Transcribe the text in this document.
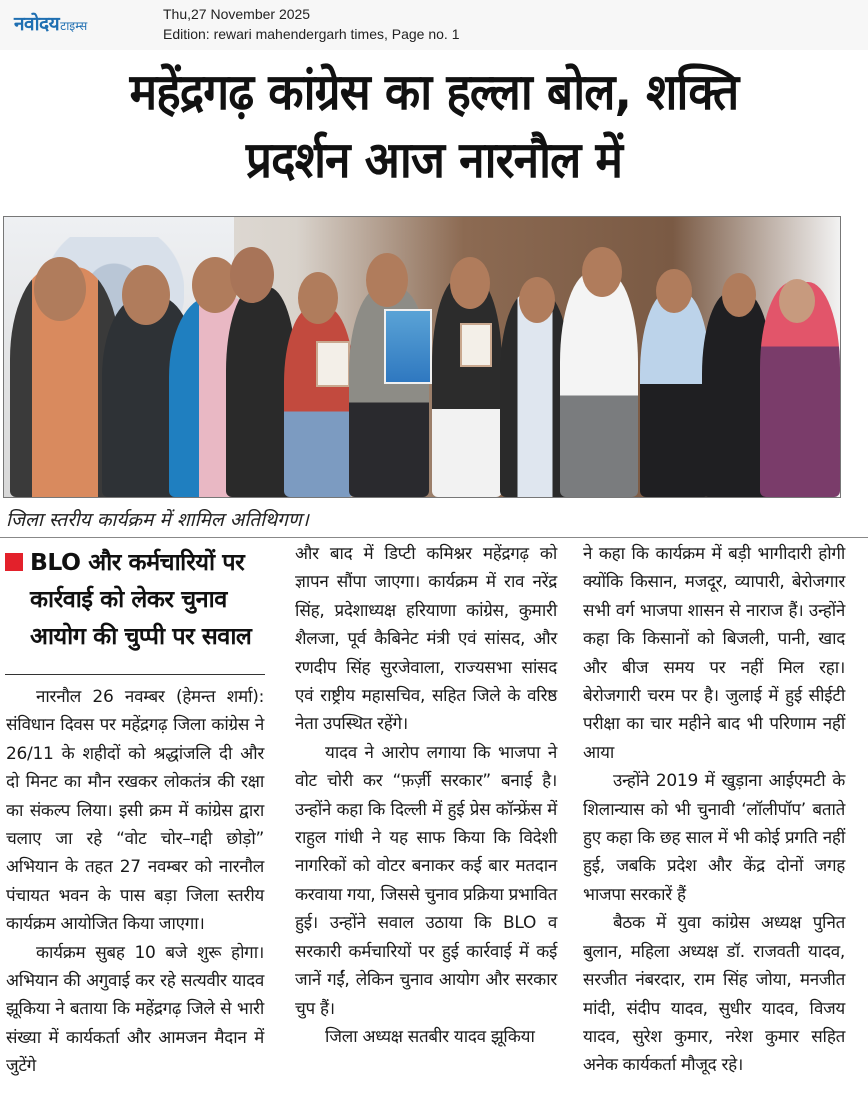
नवोदय टाइम्स
Thu,27 November 2025
Edition: rewari mahendergarh times, Page no. 1
महेंद्रगढ़ कांग्रेस का हल्ला बोल, शक्ति
प्रदर्शन आज नारनौल में
जिला स्तरीय कार्यक्रम में शामिल अतिथिगण।
BLO और कर्मचारियों पर कार्रवाई को लेकर चुनाव आयोग की चुप्पी पर सवाल

नारनौल 26 नवम्बर (हेमन्त शर्मा): संविधान दिवस पर महेंद्रगढ़ जिला कांग्रेस ने 26/11 के शहीदों को श्रद्धांजलि दी और दो मिनट का मौन रखकर लोकतंत्र की रक्षा का संकल्प लिया। इसी क्रम में कांग्रेस द्वारा चलाए जा रहे “वोट चोर–गद्दी छोड़ो” अभियान के तहत 27 नवम्बर को नारनौल पंचायत भवन के पास बड़ा जिला स्तरीय कार्यक्रम आयोजित किया जाएगा।

कार्यक्रम सुबह 10 बजे शुरू होगा।अभियान की अगुवाई कर रहे सत्यवीर यादव झूकिया ने बताया कि महेंद्रगढ़ जिले से भारी संख्या में कार्यकर्ता और आमजन मैदान में जुटेंगे

और बाद में डिप्टी कमिश्नर महेंद्रगढ़ को ज्ञापन सौंपा जाएगा। कार्यक्रम में राव नरेंद्र सिंह, प्रदेशाध्यक्ष हरियाणा कांग्रेस, कुमारी शैलजा, पूर्व कैबिनेट मंत्री एवं सांसद, और रणदीप सिंह सुरजेवाला, राज्यसभा सांसद एवं राष्ट्रीय महासचिव, सहित जिले के वरिष्ठ नेता उपस्थित रहेंगे।

यादव ने आरोप लगाया कि भाजपा ने वोट चोरी कर “फ़र्ज़ी सरकार” बनाई है। उन्होंने कहा कि दिल्ली में हुई प्रेस कॉन्फ्रेंस में राहुल गांधी ने यह साफ किया कि विदेशी नागरिकों को वोटर बनाकर कई बार मतदान करवाया गया, जिससे चुनाव प्रक्रिया प्रभावित हुई। उन्होंने सवाल उठाया कि BLO व सरकारी कर्मचारियों पर हुई कार्रवाई में कई जानें गईं, लेकिन चुनाव आयोग और सरकार चुप हैं।

जिला अध्यक्ष सतबीर यादव झूकिया

ने कहा कि कार्यक्रम में बड़ी भागीदारी होगी क्योंकि किसान, मजदूर, व्यापारी, बेरोजगार सभी वर्ग भाजपा शासन से नाराज हैं। उन्होंने कहा कि किसानों को बिजली, पानी, खाद और बीज समय पर नहीं मिल रहा। बेरोजगारी चरम पर है। जुलाई में हुई सीईटी परीक्षा का चार महीने बाद भी परिणाम नहीं आया

उन्होंने 2019 में खुड़ाना आईएमटी के शिलान्यास को भी चुनावी ‘लॉलीपॉप’ बताते हुए कहा कि छह साल में भी कोई प्रगति नहीं हुई, जबकि प्रदेश और केंद्र दोनों जगह भाजपा सरकारें हैं

बैठक में युवा कांग्रेस अध्यक्ष पुनित बुलान, महिला अध्यक्ष डॉ. राजवती यादव, सरजीत नंबरदार, राम सिंह जोया, मनजीत मांदी, संदीप यादव, सुधीर यादव, विजय यादव, सुरेश कुमार, नरेश कुमार सहित अनेक कार्यकर्ता मौजूद रहे।
